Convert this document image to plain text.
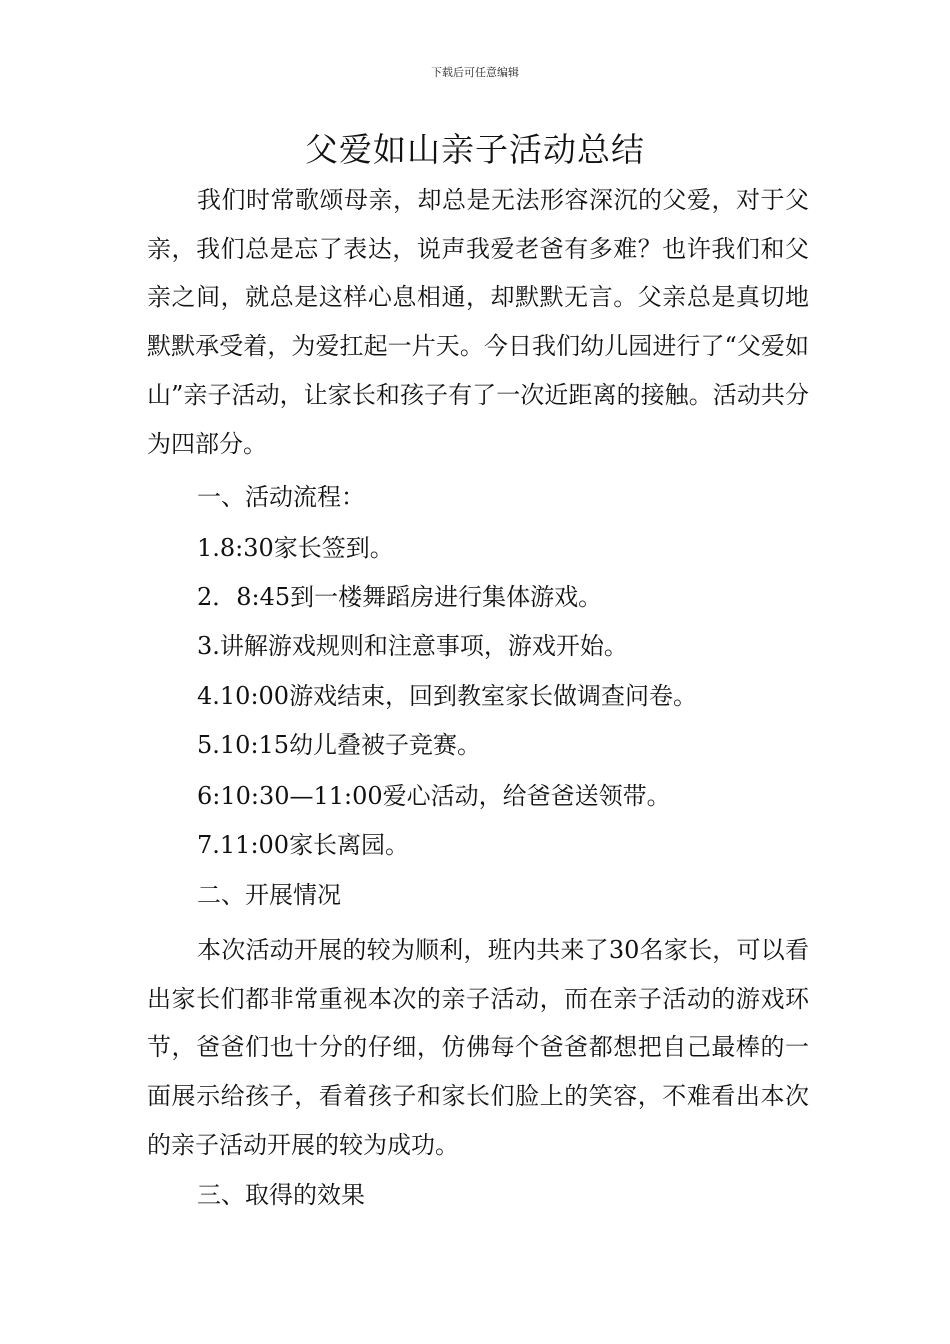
下载后可任意编辑
父爱如山亲子活动总结

我们时常歌颂母亲，却总是无法形容深沉的父爱，对于父亲，我们总是忘了表达，说声我爱老爸有多难？也许我们和父亲之间，就总是这样心息相通，却默默无言。父亲总是真切地默默承受着，为爱扛起一片天。今日我们幼儿园进行了“父爱如山”亲子活动，让家长和孩子有了一次近距离的接触。活动共分为四部分。

一、活动流程：

1.8:30家长签到。

2．8:45到一楼舞蹈房进行集体游戏。

3.讲解游戏规则和注意事项，游戏开始。

4.10:00游戏结束，回到教室家长做调查问卷。

5.10:15幼儿叠被子竞赛。

6:10:30—11:00爱心活动，给爸爸送领带。

7.11:00家长离园。

二、开展情况

本次活动开展的较为顺利，班内共来了30名家长，可以看出家长们都非常重视本次的亲子活动，而在亲子活动的游戏环节，爸爸们也十分的仔细，仿佛每个爸爸都想把自己最棒的一面展示给孩子，看着孩子和家长们脸上的笑容，不难看出本次的亲子活动开展的较为成功。

三、取得的效果
